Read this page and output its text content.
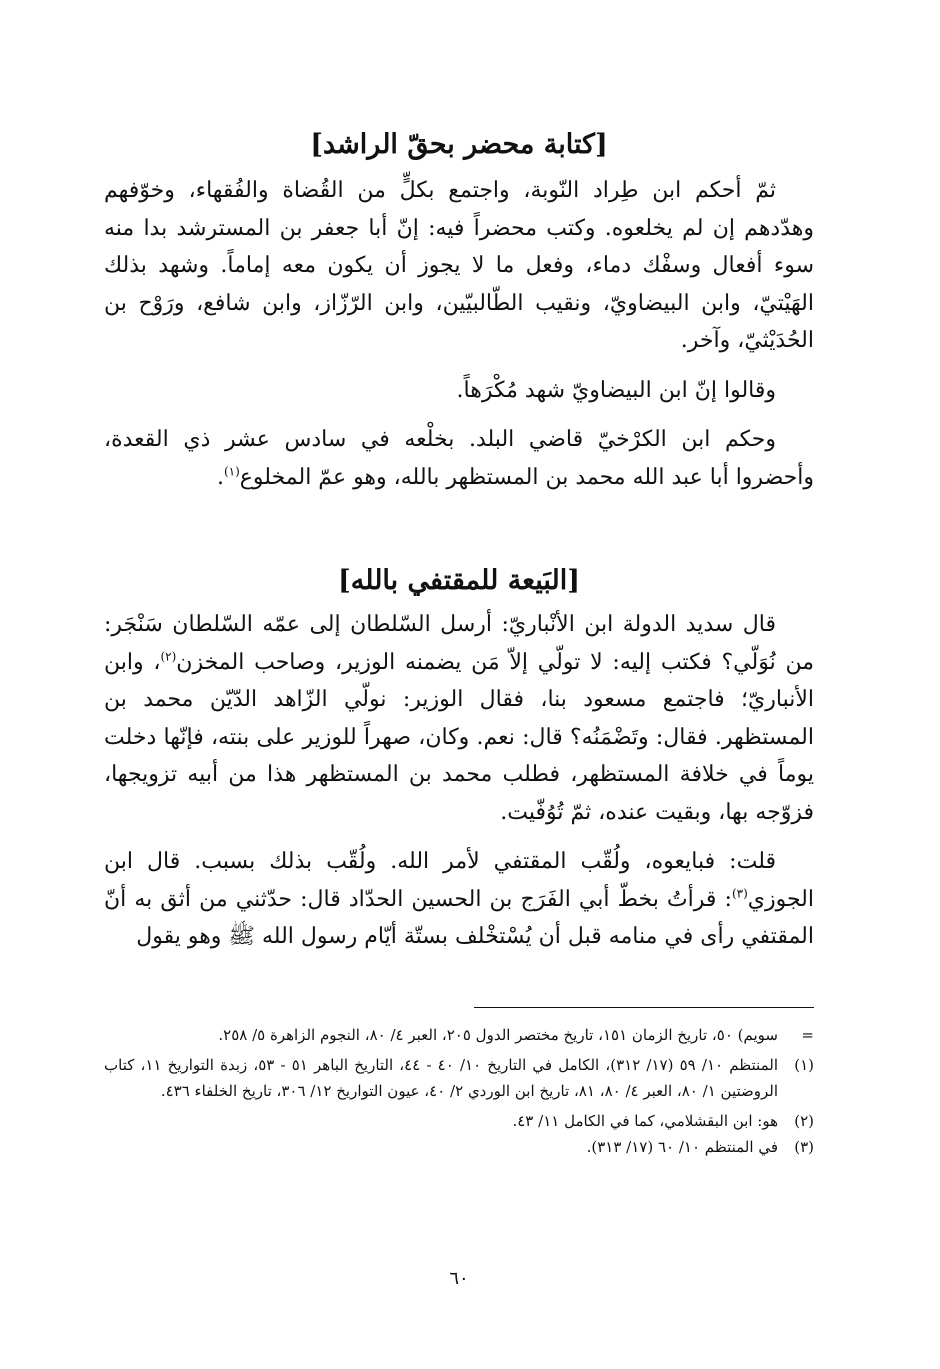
[كتابة محضر بحقّ الراشد]

ثمّ أحكم ابن طِراد النّوبة، واجتمع بكلٍّ من القُضاة والفُقهاء، وخوّفهم وهدّدهم إن لم يخلعوه. وكتب محضراً فيه: إنّ أبا جعفر بن المسترشد بدا منه سوء أفعال وسفْك دماء، وفعل ما لا يجوز أن يكون معه إماماً. وشهد بذلك الهَيْتيّ، وابن البيضاويّ، ونقيب الطّالبيّين، وابن الرّزّاز، وابن شافع، ورَوْح بن الحُدَيْثيّ، وآخر.

وقالوا إنّ ابن البيضاويّ شهد مُكْرَهاً.

وحكم ابن الكرْخيّ قاضي البلد. بخلْعه في سادس عشر ذي القعدة، وأحضروا أبا عبد الله محمد بن المستظهر بالله، وهو عمّ المخلوع$^{(١)}$.

[البَيعة للمقتفي بالله]

قال سديد الدولة ابن الأنْباريّ: أرسل السّلطان إلى عمّه السّلطان سَنْجَر: من نُوَلّي؟ فكتب إليه: لا تولّي إلاّ مَن يضمنه الوزير، وصاحب المخزن$^{(٢)}$، وابن الأنباريّ؛ فاجتمع مسعود بنا، فقال الوزير: نولّي الزّاهد الدّيّن محمد بن المستظهر. فقال: وتَضْمَنُه؟ قال: نعم. وكان، صهراً للوزير على بنته، فإنّها دخلت يوماً في خلافة المستظهر، فطلب محمد بن المستظهر هذا من أبيه تزويجها، فزوّجه بها، وبقيت عنده، ثمّ تُوُفّيت.

قلت: فبايعوه، ولُقّب المقتفي لأمر الله. ولُقّب بذلك بسبب. قال ابن الجوزي$^{(٣)}$: قرأتُ بخطّ أبي الفَرَج بن الحسين الحدّاد قال: حدّثني من أثق به أنّ المقتفي رأى في منامه قبل أن يُسْتخْلف بستّة أيّام رسول الله ﷺ وهو يقول

=
سويم) ٥٠، تاريخ الزمان ١٥١، تاريخ مختصر الدول ٢٠٥، العبر ٤/ ٨٠، النجوم الزاهرة ٥/ ٢٥٨.
(١)
المنتظم ١٠/ ٥٩ (١٧/ ٣١٢)، الكامل في التاريخ ١٠/ ٤٠ - ٤٤، التاريخ الباهر ٥١ - ٥٣، زبدة التواريخ ١١، كتاب الروضتين ١/ ٨٠، العبر ٤/ ٨٠، ٨١، تاريخ ابن الوردي ٢/ ٤٠، عيون التواريخ ١٢/ ٣٠٦، تاريخ الخلفاء ٤٣٦.
(٢)
هو: ابن البقشلامي، كما في الكامل ١١/ ٤٣.
(٣)
في المنتظم ١٠/ ٦٠ (١٧/ ٣١٣).
٦٠
